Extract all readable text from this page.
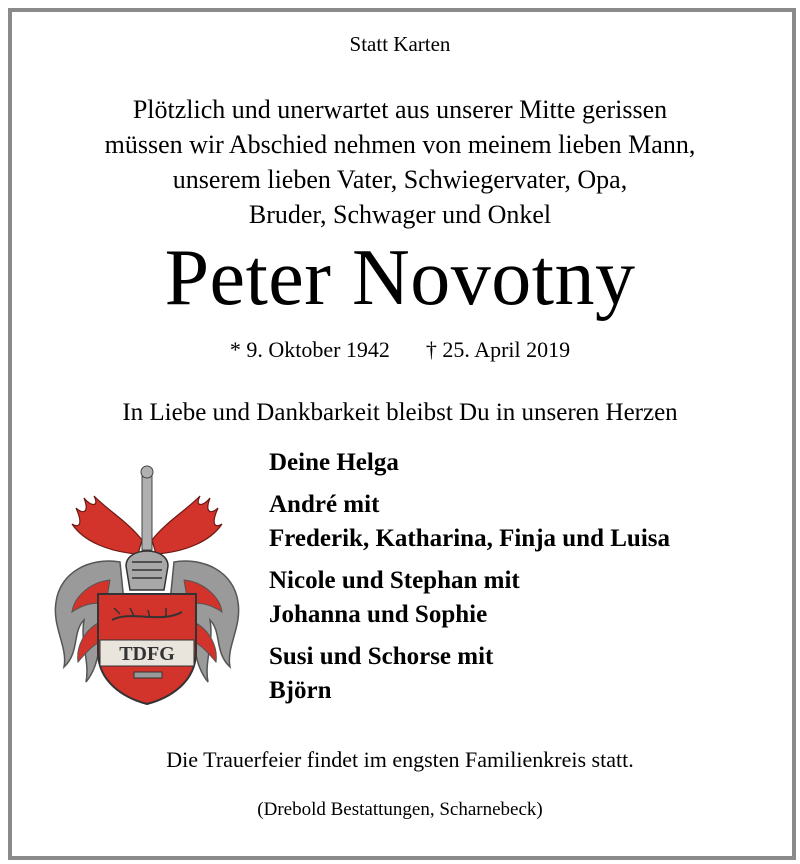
Statt Karten
Plötzlich und unerwartet aus unserer Mitte gerissen
müssen wir Abschied nehmen von meinem lieben Mann,
unserem lieben Vater, Schwiegervater, Opa,
Bruder, Schwager und Onkel
Peter Novotny
* 9. Oktober 1942 † 25. April 2019
In Liebe und Dankbarkeit bleibst Du in unseren Herzen
TDFG
Deine Helga
André mit
Frederik, Katharina, Finja und Luisa
Nicole und Stephan mit
Johanna und Sophie
Susi und Schorse mit
Björn
Die Trauerfeier findet im engsten Familienkreis statt.
(Drebold Bestattungen, Scharnebeck)
